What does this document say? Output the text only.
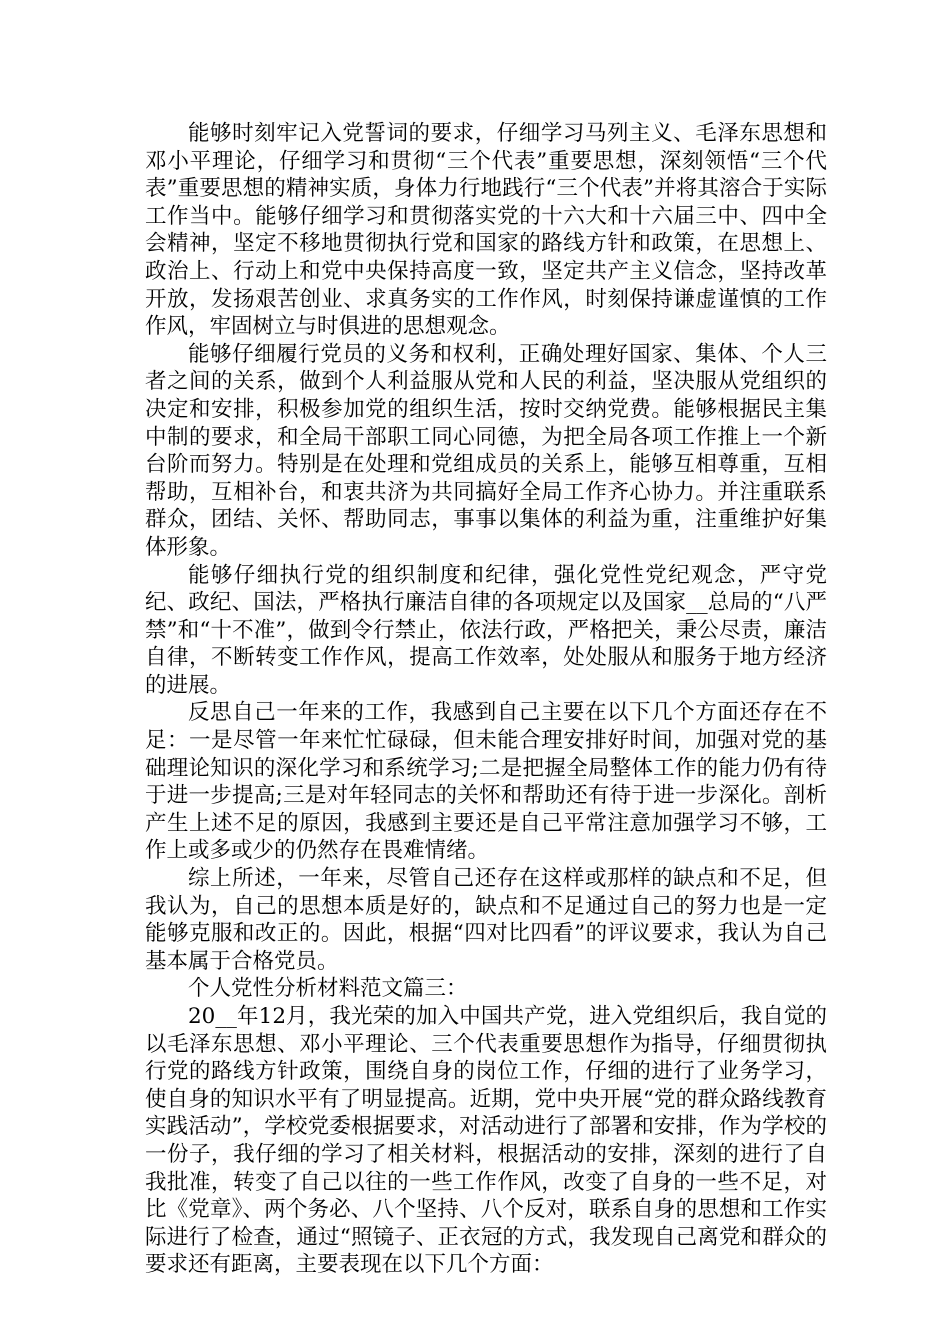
能够时刻牢记入党誓词的要求，仔细学习马列主义、毛泽东思想和邓小平理论，仔细学习和贯彻“三个代表”重要思想，深刻领悟“三个代表”重要思想的精神实质，身体力行地践行“三个代表”并将其溶合于实际工作当中。能够仔细学习和贯彻落实党的十六大和十六届三中、四中全会精神，坚定不移地贯彻执行党和国家的路线方针和政策，在思想上、政治上、行动上和党中央保持高度一致，坚定共产主义信念，坚持改革开放，发扬艰苦创业、求真务实的工作作风，时刻保持谦虚谨慎的工作作风，牢固树立与时俱进的思想观念。

能够仔细履行党员的义务和权利，正确处理好国家、集体、个人三者之间的关系，做到个人利益服从党和人民的利益，坚决服从党组织的决定和安排，积极参加党的组织生活，按时交纳党费。能够根据民主集中制的要求，和全局干部职工同心同德，为把全局各项工作推上一个新台阶而努力。特别是在处理和党组成员的关系上，能够互相尊重，互相帮助，互相补台，和衷共济为共同搞好全局工作齐心协力。并注重联系群众，团结、关怀、帮助同志，事事以集体的利益为重，注重维护好集体形象。

能够仔细执行党的组织制度和纪律，强化党性党纪观念，严守党纪、政纪、国法，严格执行廉洁自律的各项规定以及国家__总局的“八严禁”和“十不准”，做到令行禁止，依法行政，严格把关，秉公尽责，廉洁自律，不断转变工作作风，提高工作效率，处处服从和服务于地方经济的进展。

反思自己一年来的工作，我感到自己主要在以下几个方面还存在不足：一是尽管一年来忙忙碌碌，但未能合理安排好时间，加强对党的基础理论知识的深化学习和系统学习;二是把握全局整体工作的能力仍有待于进一步提高;三是对年轻同志的关怀和帮助还有待于进一步深化。剖析产生上述不足的原因，我感到主要还是自己平常注意加强学习不够，工作上或多或少的仍然存在畏难情绪。

综上所述，一年来，尽管自己还存在这样或那样的缺点和不足，但我认为，自己的思想本质是好的，缺点和不足通过自己的努力也是一定能够克服和改正的。因此，根据“四对比四看”的评议要求，我认为自己基本属于合格党员。

个人党性分析材料范文篇三：

20__年12月，我光荣的加入中国共产党，进入党组织后，我自觉的以毛泽东思想、邓小平理论、三个代表重要思想作为指导，仔细贯彻执行党的路线方针政策，围绕自身的岗位工作，仔细的进行了业务学习，使自身的知识水平有了明显提高。近期，党中央开展“党的群众路线教育实践活动”，学校党委根据要求，对活动进行了部署和安排，作为学校的一份子，我仔细的学习了相关材料，根据活动的安排，深刻的进行了自我批准，转变了自己以往的一些工作作风，改变了自身的一些不足，对比《党章》、两个务必、八个坚持、八个反对，联系自身的思想和工作实际进行了检查，通过“照镜子、正衣冠的方式，我发现自己离党和群众的要求还有距离，主要表现在以下几个方面：
